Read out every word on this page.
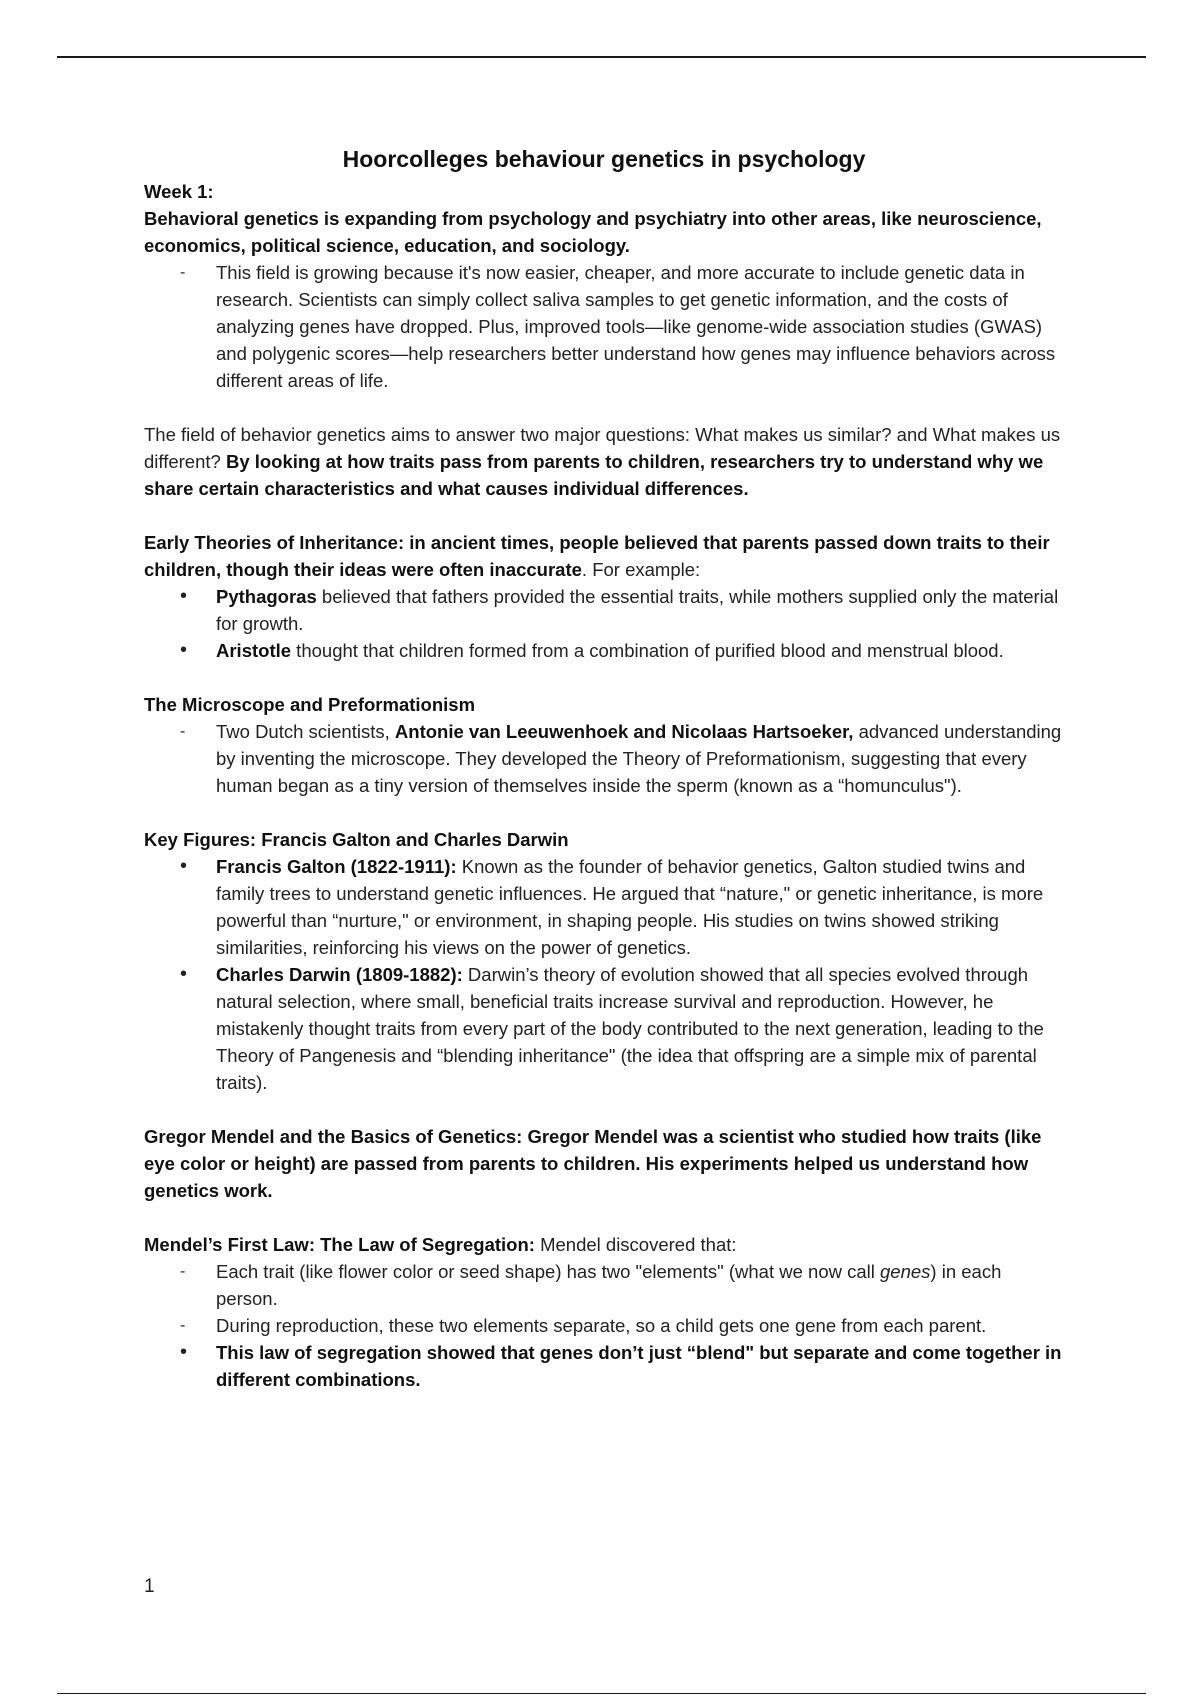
Hoorcolleges behaviour genetics in psychology

Week 1:

Behavioral genetics is expanding from psychology and psychiatry into other areas, like neuroscience, economics, political science, education, and sociology.

-	This field is growing because it's now easier, cheaper, and more accurate to include genetic data in research. Scientists can simply collect saliva samples to get genetic information, and the costs of analyzing genes have dropped. Plus, improved tools—like genome-wide association studies (GWAS) and polygenic scores—help researchers better understand how genes may influence behaviors across different areas of life.

The field of behavior genetics aims to answer two major questions: What makes us similar? and What makes us different? By looking at how traits pass from parents to children, researchers try to understand why we share certain characteristics and what causes individual differences.

Early Theories of Inheritance: in ancient times, people believed that parents passed down traits to their children, though their ideas were often inaccurate. For example:

•	Pythagoras believed that fathers provided the essential traits, while mothers supplied only the material for growth.
•	Aristotle thought that children formed from a combination of purified blood and menstrual blood.

The Microscope and Preformationism

-	Two Dutch scientists, Antonie van Leeuwenhoek and Nicolaas Hartsoeker, advanced understanding by inventing the microscope. They developed the Theory of Preformationism, suggesting that every human began as a tiny version of themselves inside the sperm (known as a “homunculus").

Key Figures: Francis Galton and Charles Darwin

•	Francis Galton (1822-1911): Known as the founder of behavior genetics, Galton studied twins and family trees to understand genetic influences. He argued that “nature," or genetic inheritance, is more powerful than “nurture," or environment, in shaping people. His studies on twins showed striking similarities, reinforcing his views on the power of genetics.
•	Charles Darwin (1809-1882): Darwin’s theory of evolution showed that all species evolved through natural selection, where small, beneficial traits increase survival and reproduction. However, he mistakenly thought traits from every part of the body contributed to the next generation, leading to the Theory of Pangenesis and “blending inheritance" (the idea that offspring are a simple mix of parental traits).

Gregor Mendel and the Basics of Genetics: Gregor Mendel was a scientist who studied how traits (like eye color or height) are passed from parents to children. His experiments helped us understand how genetics work.

Mendel’s First Law: The Law of Segregation: Mendel discovered that:

-	Each trait (like flower color or seed shape) has two "elements" (what we now call genes) in each person.
-	During reproduction, these two elements separate, so a child gets one gene from each parent.
•	This law of segregation showed that genes don’t just “blend" but separate and come together in different combinations.
1
